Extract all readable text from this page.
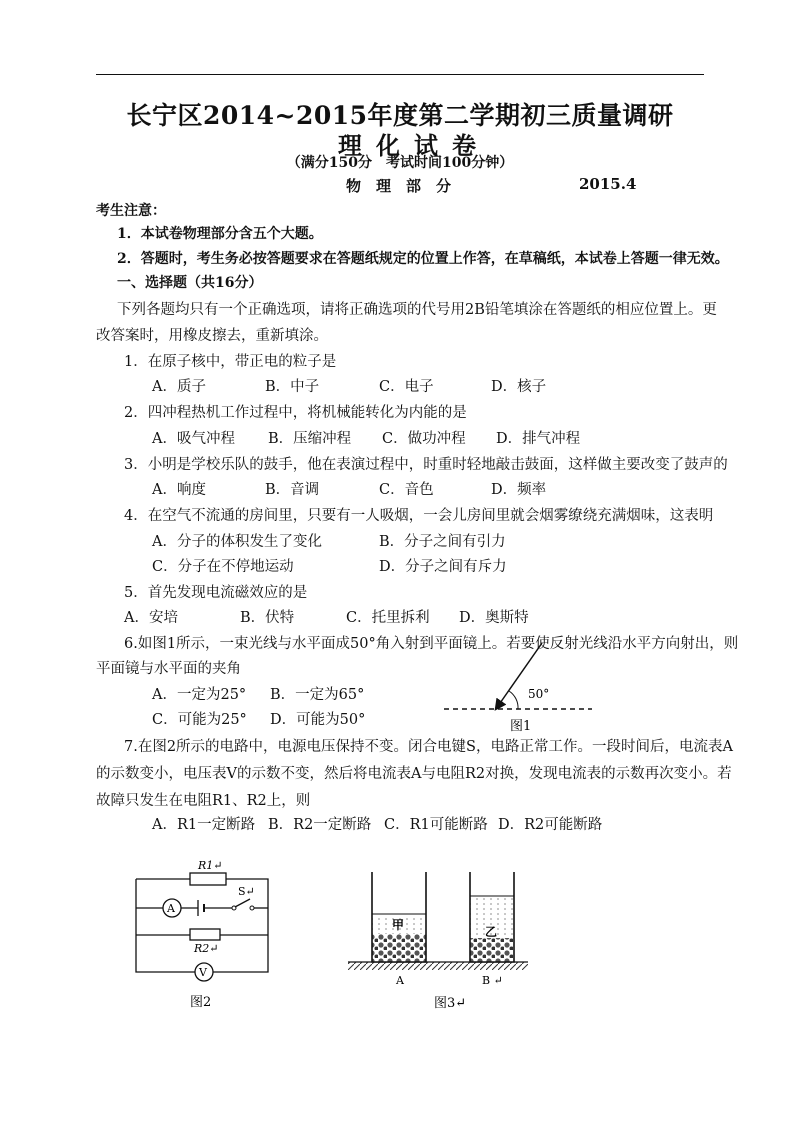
长宁区2014~2015年度第二学期初三质量调研
理化试卷
（满分150分　考试时间100分钟）
物　理　部　分	2015.4
考生注意：
1．本试卷物理部分含五个大题。
2．答题时，考生务必按答题要求在答题纸规定的位置上作答，在草稿纸，本试卷上答题一律无效。
一、选择题（共16分）
下列各题均只有一个正确选项，请将正确选项的代号用2B铅笔填涂在答题纸的相应位置上。更
改答案时，用橡皮擦去，重新填涂。
1．在原子核中，带正电的粒子是
A．质子	B．中子	C．电子	D．核子
2．四冲程热机工作过程中，将机械能转化为内能的是
A．吸气冲程 B．压缩冲程 C．做功冲程 D．排气冲程
3．小明是学校乐队的鼓手，他在表演过程中，时重时轻地敲击鼓面，这样做主要改变了鼓声的
A．响度	B．音调	C．音色	D．频率
4．在空气不流通的房间里，只要有一人吸烟，一会儿房间里就会烟雾缭绕充满烟味，这表明
A．分子的体积发生了变化	B．分子之间有引力
C．分子在不停地运动	D．分子之间有斥力
5．首先发现电流磁效应的是
A．安培	B．伏特	C．托里拆利 D．奥斯特
6.如图1所示，一束光线与水平面成50°角入射到平面镜上。若要使反射光线沿水平方向射出，则
平面镜与水平面的夹角
A．一定为25° B．一定为65°
C．可能为25° D．可能为50°
50°
图1
7.在图2所示的电路中，电源电压保持不变。闭合电键S，电路正常工作。一段时间后，电流表A
的示数变小，电压表V的示数不变，然后将电流表A与电阻R2对换，发现电流表的示数再次变小。若
故障只发生在电阻R1、R2上，则
A．R1一定断路 B．R2一定断路 C．R1可能断路 D．R2可能断路
R1↵
A
S↵
R2↵
V
图2
甲
A
乙
B ↵
图3↵
